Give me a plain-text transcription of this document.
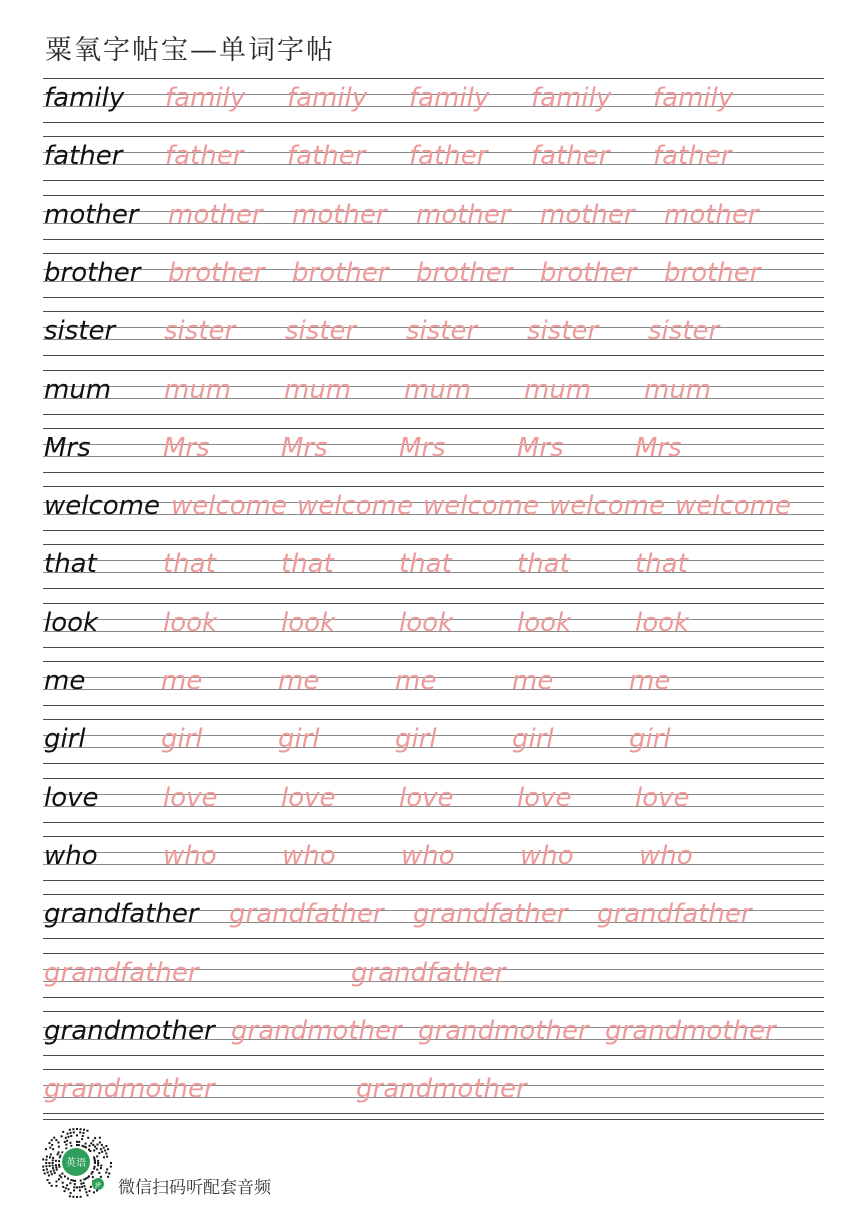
粟氧字帖宝—单词字帖
family family family family family family
father father father father father father
mother mother mother mother mother mother
brother brother brother brother brother brother
sister sister sister sister sister sister
mum mum mum mum mum mum
Mrs	Mrs	Mrs	Mrs	Mrs	Mrs
welcome welcome welcome welcome welcome welcome
that	that	that	that	that	that
look look look look look look
me	me	me	me	me	me
girl	girl	girl	girl	girl	girl
love love love love love love
who	who	who	who	who	who
grandfather grandfather grandfather grandfather
grandfather	grandfather
grandmother grandmother grandmother grandmother
grandmother	grandmother
英语
JP 微信扫码听配套音频
